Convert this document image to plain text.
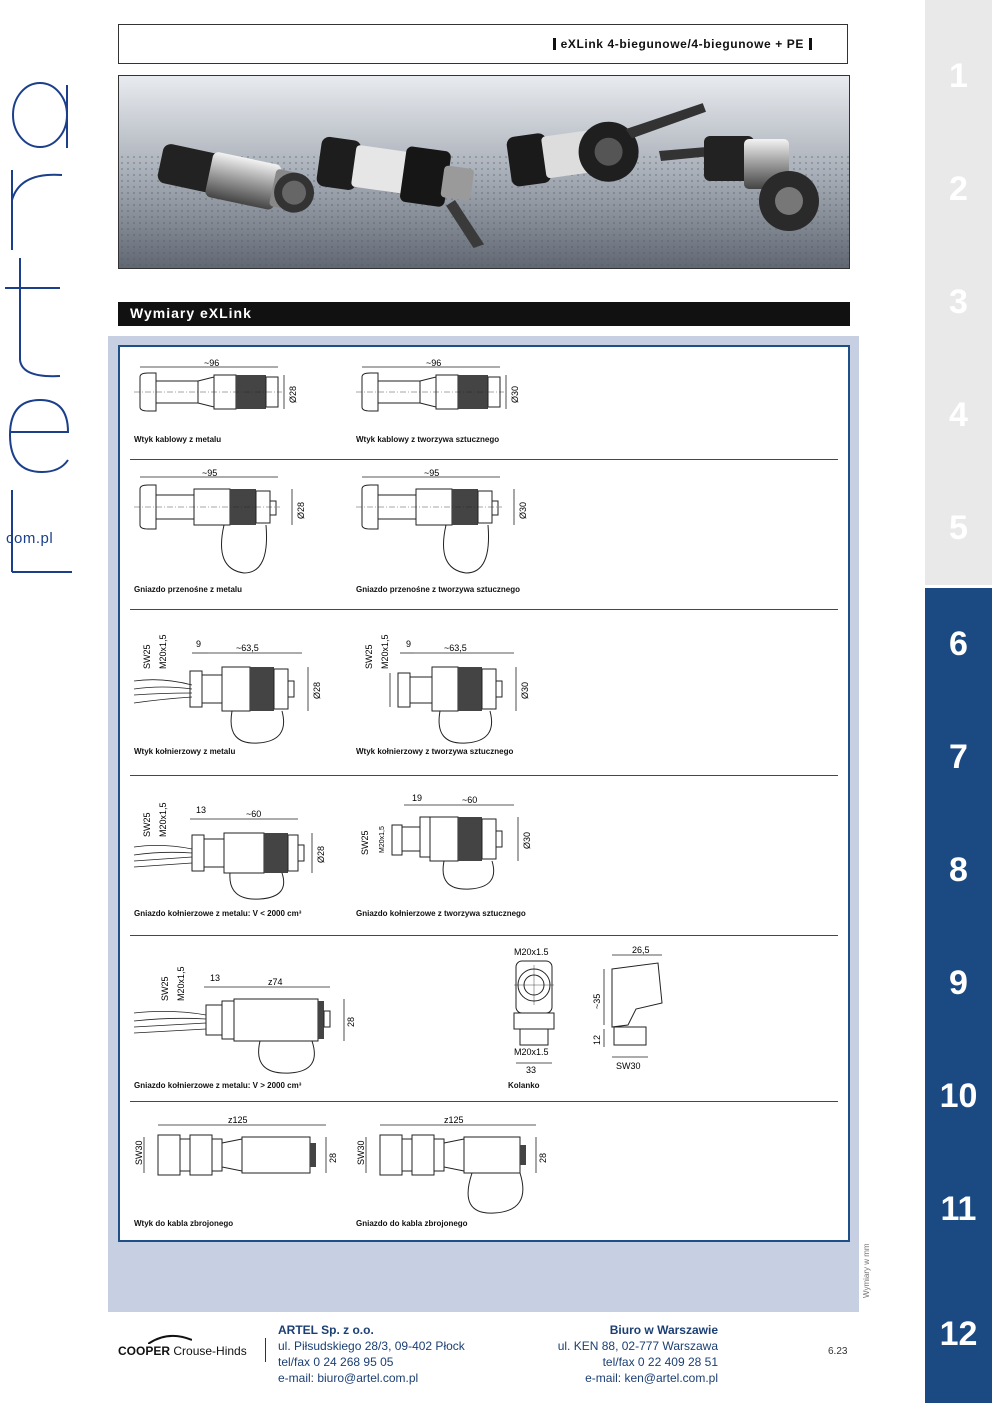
com.pl
eXLink 4-biegunowe/4-biegunowe + PE
Wymiary eXLink
~96
Ø28
Wtyk kablowy z metalu
~96
Ø30
Wtyk kablowy z tworzywa sztucznego
~95
Ø28
Gniazdo przenośne z metalu
~95
Ø30
Gniazdo przenośne z tworzywa sztucznego
SW25 M20x1,5	9	~63,5
Ø28
Wtyk kołnierzowy z metalu
SW25 M20x1,5 9	~63,5
Ø30
Wtyk kołnierzowy z tworzywa sztucznego
SW25 M20x1,5	13	~60
Ø28
Gniazdo kołnierzowe z metalu: V < 2000 cm³
19	~60
SW25 M20x1,5	Ø30
Gniazdo kołnierzowe z tworzywa sztucznego
SW25 M20x1,5	13	z74
28
Gniazdo kołnierzowe z metalu: V > 2000 cm³
M20x1.5
M20x1.5
33
26,5
~35
12
SW30
Kolanko
z125
SW30	28
Wtyk do kabla zbrojonego
z125
SW30	28
Gniazdo do kabla zbrojonego
Wymiary w mm
1
2
3
4
5
6
7
8
9
10
11
12
COOPER Crouse-Hinds
ARTEL Sp. z o.o.
ul. Piłsudskiego 28/3, 09-402 Płock
tel/fax 0 24 268 95 05
e-mail: biuro@artel.com.pl
Biuro w Warszawie
ul. KEN 88, 02-777 Warszawa
tel/fax 0 22 409 28 51
e-mail: ken@artel.com.pl
6.23
